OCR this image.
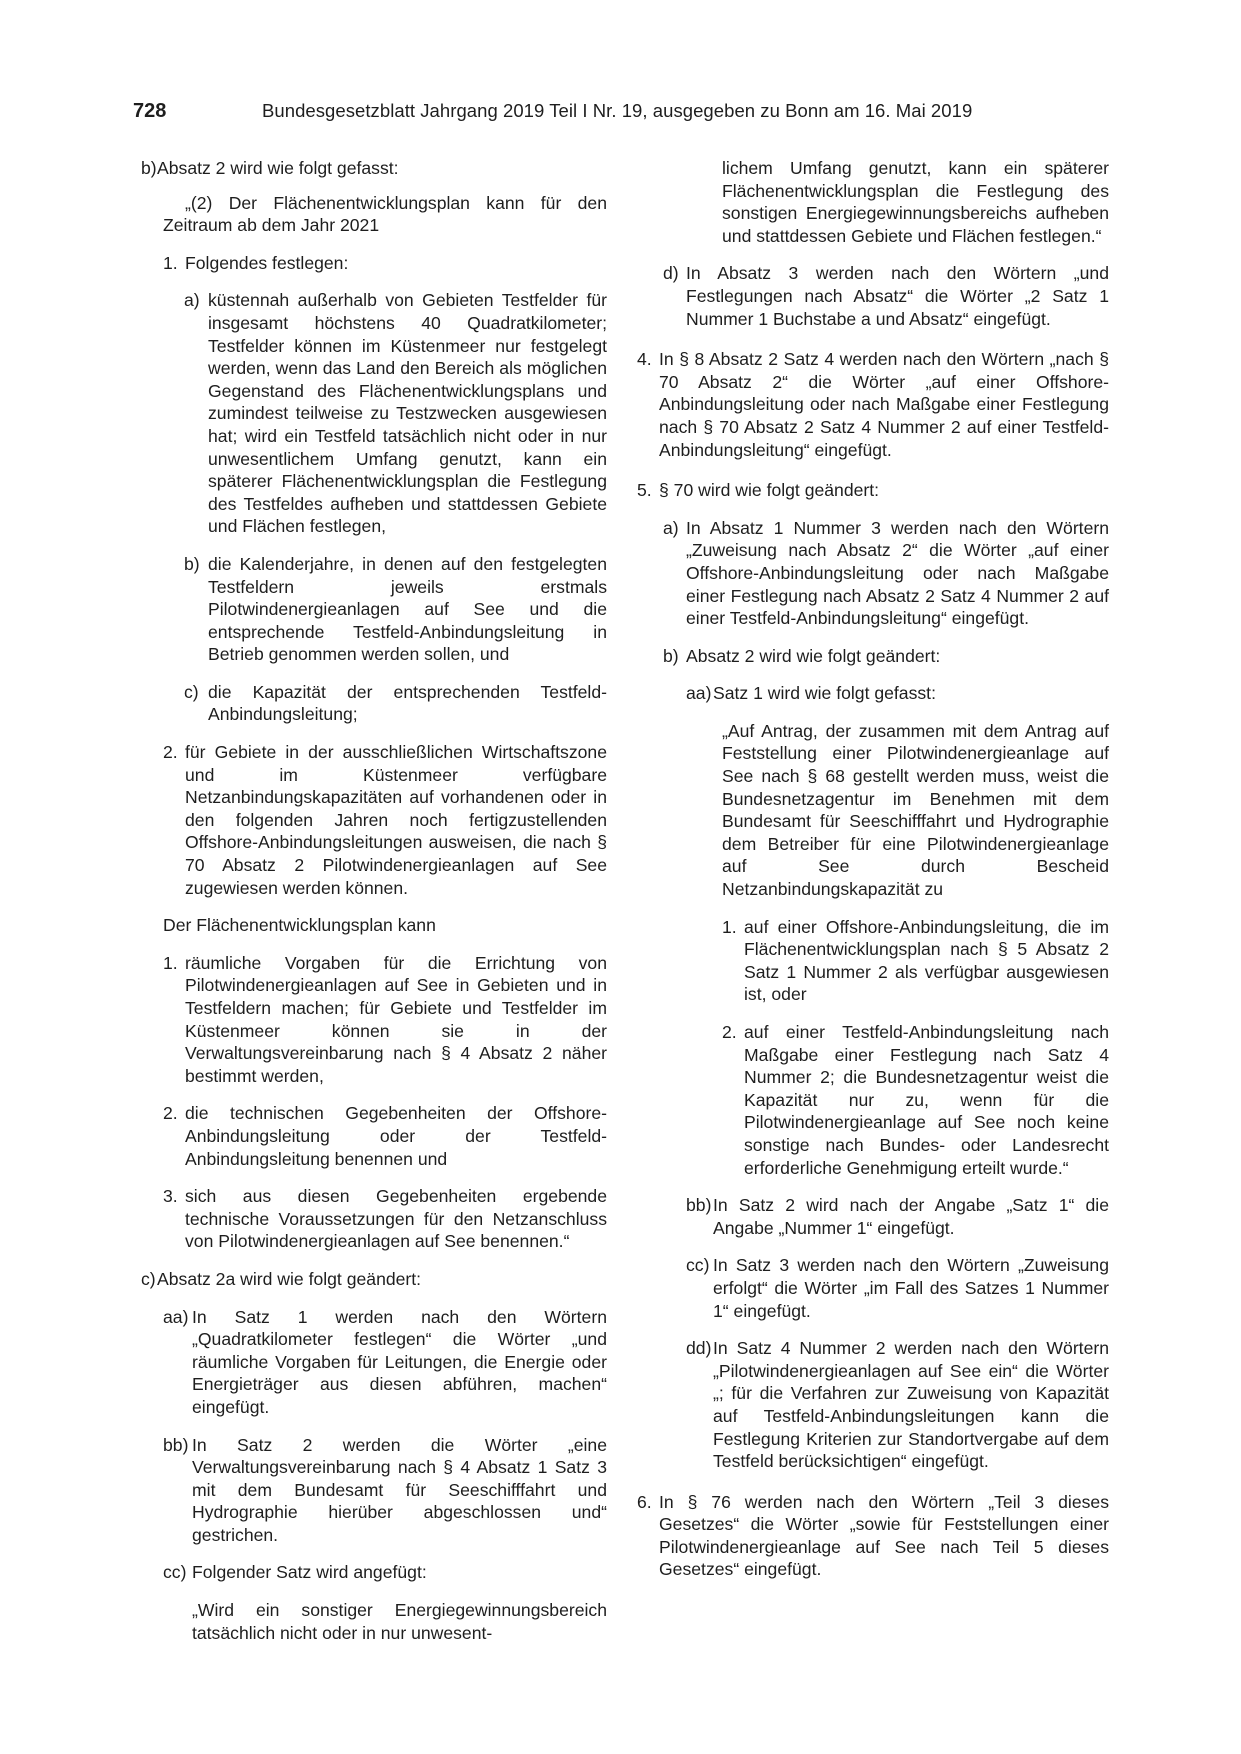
728	Bundesgesetzblatt Jahrgang 2019 Teil I Nr. 19, ausgegeben zu Bonn am 16. Mai 2019
b) Absatz 2 wird wie folgt gefasst:
„(2) Der Flächenentwicklungsplan kann für den Zeitraum ab dem Jahr 2021
1. Folgendes festlegen:
a) küstennah außerhalb von Gebieten Testfelder für insgesamt höchstens 40 Quadratkilometer; Testfelder können im Küstenmeer nur festgelegt werden, wenn das Land den Bereich als möglichen Gegenstand des Flächenentwicklungsplans und zumindest teilweise zu Testzwecken ausgewiesen hat; wird ein Testfeld tatsächlich nicht oder in nur unwesentlichem Umfang genutzt, kann ein späterer Flächenentwicklungsplan die Festlegung des Testfeldes aufheben und stattdessen Gebiete und Flächen festlegen,
b) die Kalenderjahre, in denen auf den festgelegten Testfeldern jeweils erstmals Pilotwindenergieanlagen auf See und die entsprechende Testfeld-Anbindungsleitung in Betrieb genommen werden sollen, und
c) die Kapazität der entsprechenden Testfeld-Anbindungsleitung;
2. für Gebiete in der ausschließlichen Wirtschaftszone und im Küstenmeer verfügbare Netzanbindungskapazitäten auf vorhandenen oder in den folgenden Jahren noch fertigzustellenden Offshore-Anbindungsleitungen ausweisen, die nach § 70 Absatz 2 Pilotwindenergieanlagen auf See zugewiesen werden können.
Der Flächenentwicklungsplan kann
1. räumliche Vorgaben für die Errichtung von Pilotwindenergieanlagen auf See in Gebieten und in Testfeldern machen; für Gebiete und Testfelder im Küstenmeer können sie in der Verwaltungsvereinbarung nach § 4 Absatz 2 näher bestimmt werden,
2. die technischen Gegebenheiten der Offshore-Anbindungsleitung oder der Testfeld-Anbindungsleitung benennen und
3. sich aus diesen Gegebenheiten ergebende technische Voraussetzungen für den Netzanschluss von Pilotwindenergieanlagen auf See benennen.“
c) Absatz 2a wird wie folgt geändert:
aa) In Satz 1 werden nach den Wörtern „Quadratkilometer festlegen“ die Wörter „und räumliche Vorgaben für Leitungen, die Energie oder Energieträger aus diesen abführen, machen“ eingefügt.
bb) In Satz 2 werden die Wörter „eine Verwaltungsvereinbarung nach § 4 Absatz 1 Satz 3 mit dem Bundesamt für Seeschifffahrt und Hydrographie hierüber abgeschlossen und“ gestrichen.
cc) Folgender Satz wird angefügt:
„Wird ein sonstiger Energiegewinnungsbereich tatsächlich nicht oder in nur unwesent-
lichem Umfang genutzt, kann ein späterer Flächenentwicklungsplan die Festlegung des sonstigen Energiegewinnungsbereichs aufheben und stattdessen Gebiete und Flächen festlegen.“
d) In Absatz 3 werden nach den Wörtern „und Festlegungen nach Absatz“ die Wörter „2 Satz 1 Nummer 1 Buchstabe a und Absatz“ eingefügt.
4. In § 8 Absatz 2 Satz 4 werden nach den Wörtern „nach § 70 Absatz 2“ die Wörter „auf einer Offshore-Anbindungsleitung oder nach Maßgabe einer Festlegung nach § 70 Absatz 2 Satz 4 Nummer 2 auf einer Testfeld-Anbindungsleitung“ eingefügt.
5. § 70 wird wie folgt geändert:
a) In Absatz 1 Nummer 3 werden nach den Wörtern „Zuweisung nach Absatz 2“ die Wörter „auf einer Offshore-Anbindungsleitung oder nach Maßgabe einer Festlegung nach Absatz 2 Satz 4 Nummer 2 auf einer Testfeld-Anbindungsleitung“ eingefügt.
b) Absatz 2 wird wie folgt geändert:
aa) Satz 1 wird wie folgt gefasst:
„Auf Antrag, der zusammen mit dem Antrag auf Feststellung einer Pilotwindenergieanlage auf See nach § 68 gestellt werden muss, weist die Bundesnetzagentur im Benehmen mit dem Bundesamt für Seeschifffahrt und Hydrographie dem Betreiber für eine Pilotwindenergieanlage auf See durch Bescheid Netzanbindungskapazität zu
1. auf einer Offshore-Anbindungsleitung, die im Flächenentwicklungsplan nach § 5 Absatz 2 Satz 1 Nummer 2 als verfügbar ausgewiesen ist, oder
2. auf einer Testfeld-Anbindungsleitung nach Maßgabe einer Festlegung nach Satz 4 Nummer 2; die Bundesnetzagentur weist die Kapazität nur zu, wenn für die Pilotwindenergieanlage auf See noch keine sonstige nach Bundes- oder Landesrecht erforderliche Genehmigung erteilt wurde.“
bb) In Satz 2 wird nach der Angabe „Satz 1“ die Angabe „Nummer 1“ eingefügt.
cc) In Satz 3 werden nach den Wörtern „Zuweisung erfolgt“ die Wörter „im Fall des Satzes 1 Nummer 1“ eingefügt.
dd) In Satz 4 Nummer 2 werden nach den Wörtern „Pilotwindenergieanlagen auf See ein“ die Wörter „; für die Verfahren zur Zuweisung von Kapazität auf Testfeld-Anbindungsleitungen kann die Festlegung Kriterien zur Standortvergabe auf dem Testfeld berücksichtigen“ eingefügt.
6. In § 76 werden nach den Wörtern „Teil 3 dieses Gesetzes“ die Wörter „sowie für Feststellungen einer Pilotwindenergieanlage auf See nach Teil 5 dieses Gesetzes“ eingefügt.
